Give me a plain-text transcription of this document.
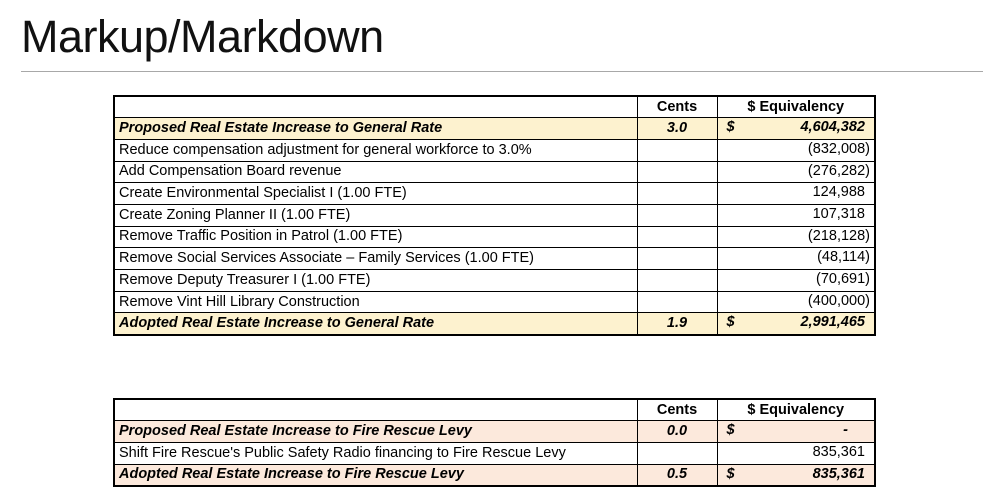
Markup/Markdown
	Cents	$ Equivalency
Proposed Real Estate Increase to General Rate	3.0	$ 4,604,382

Reduce compensation adjustment for general workforce to 3.0%		(832,008)

Add Compensation Board revenue		(276,282)

Create Environmental Specialist I (1.00 FTE)		124,988

Create Zoning Planner II (1.00 FTE)		107,318

Remove Traffic Position in Patrol (1.00 FTE)		(218,128)

Remove Social Services Associate – Family Services (1.00 FTE)		(48,114)

Remove Deputy Treasurer I (1.00 FTE)		(70,691)

Remove Vint Hill Library Construction		(400,000)

Adopted Real Estate Increase to General Rate	1.9	$ 2,991,465
	Cents	$ Equivalency
Proposed Real Estate Increase to Fire Rescue Levy	0.0	$ -

Shift Fire Rescue's Public Safety Radio financing to Fire Rescue Levy		835,361

Adopted Real Estate Increase to Fire Rescue Levy	0.5	$ 835,361
